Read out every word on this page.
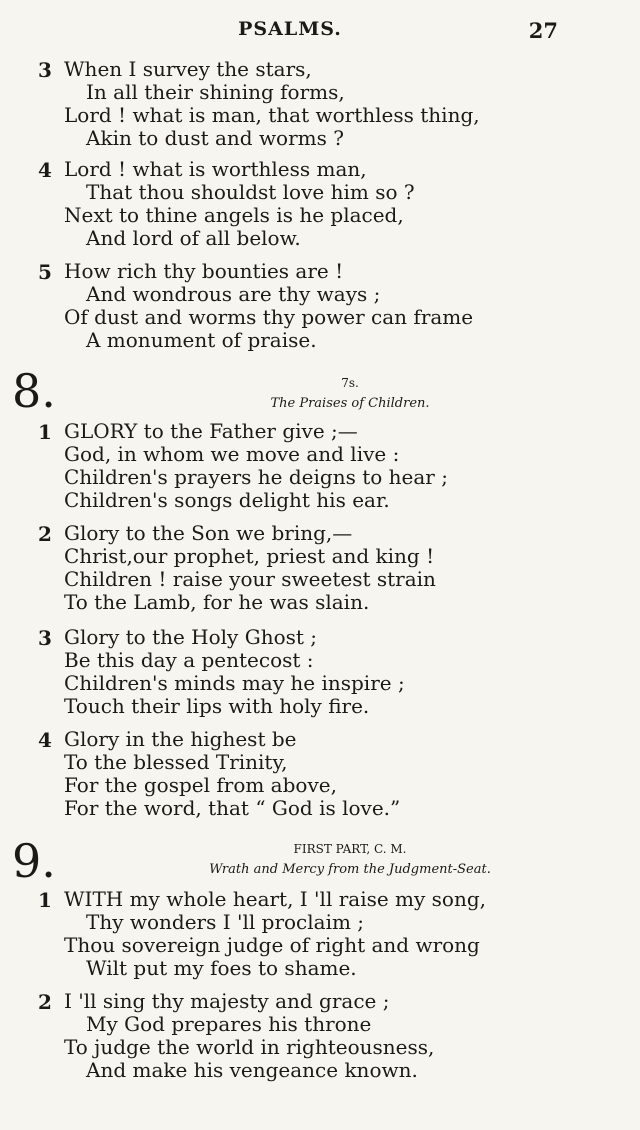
PSALMS.	27
3 When I survey the stars,
In all their shining forms,
Lord ! what is man, that worthless thing,
Akin to dust and worms ?
4 Lord ! what is worthless man,
That thou shouldst love him so ?
Next to thine angels is he placed,
And lord of all below.
5 How rich thy bounties are !
And wondrous are thy ways ;
Of dust and worms thy power can frame
A monument of praise.
8.	7s.
The Praises of Children.
1 GLORY to the Father give ;—
God, in whom we move and live :
Children's prayers he deigns to hear ;
Children's songs delight his ear.
2 Glory to the Son we bring,—
Christ,our prophet, priest and king !
Children ! raise your sweetest strain
To the Lamb, for he was slain.
3 Glory to the Holy Ghost ;
Be this day a pentecost :
Children's minds may he inspire ;
Touch their lips with holy fire.
4 Glory in the highest be
To the blessed Trinity,
For the gospel from above,
For the word, that “ God is love.”
9.	FIRST PART, C. M.
Wrath and Mercy from the Judgment-Seat.
1 WITH my whole heart, I 'll raise my song,
Thy wonders I 'll proclaim ;
Thou sovereign judge of right and wrong
Wilt put my foes to shame.
2 I 'll sing thy majesty and grace ;
My God prepares his throne
To judge the world in righteousness,
And make his vengeance known.
